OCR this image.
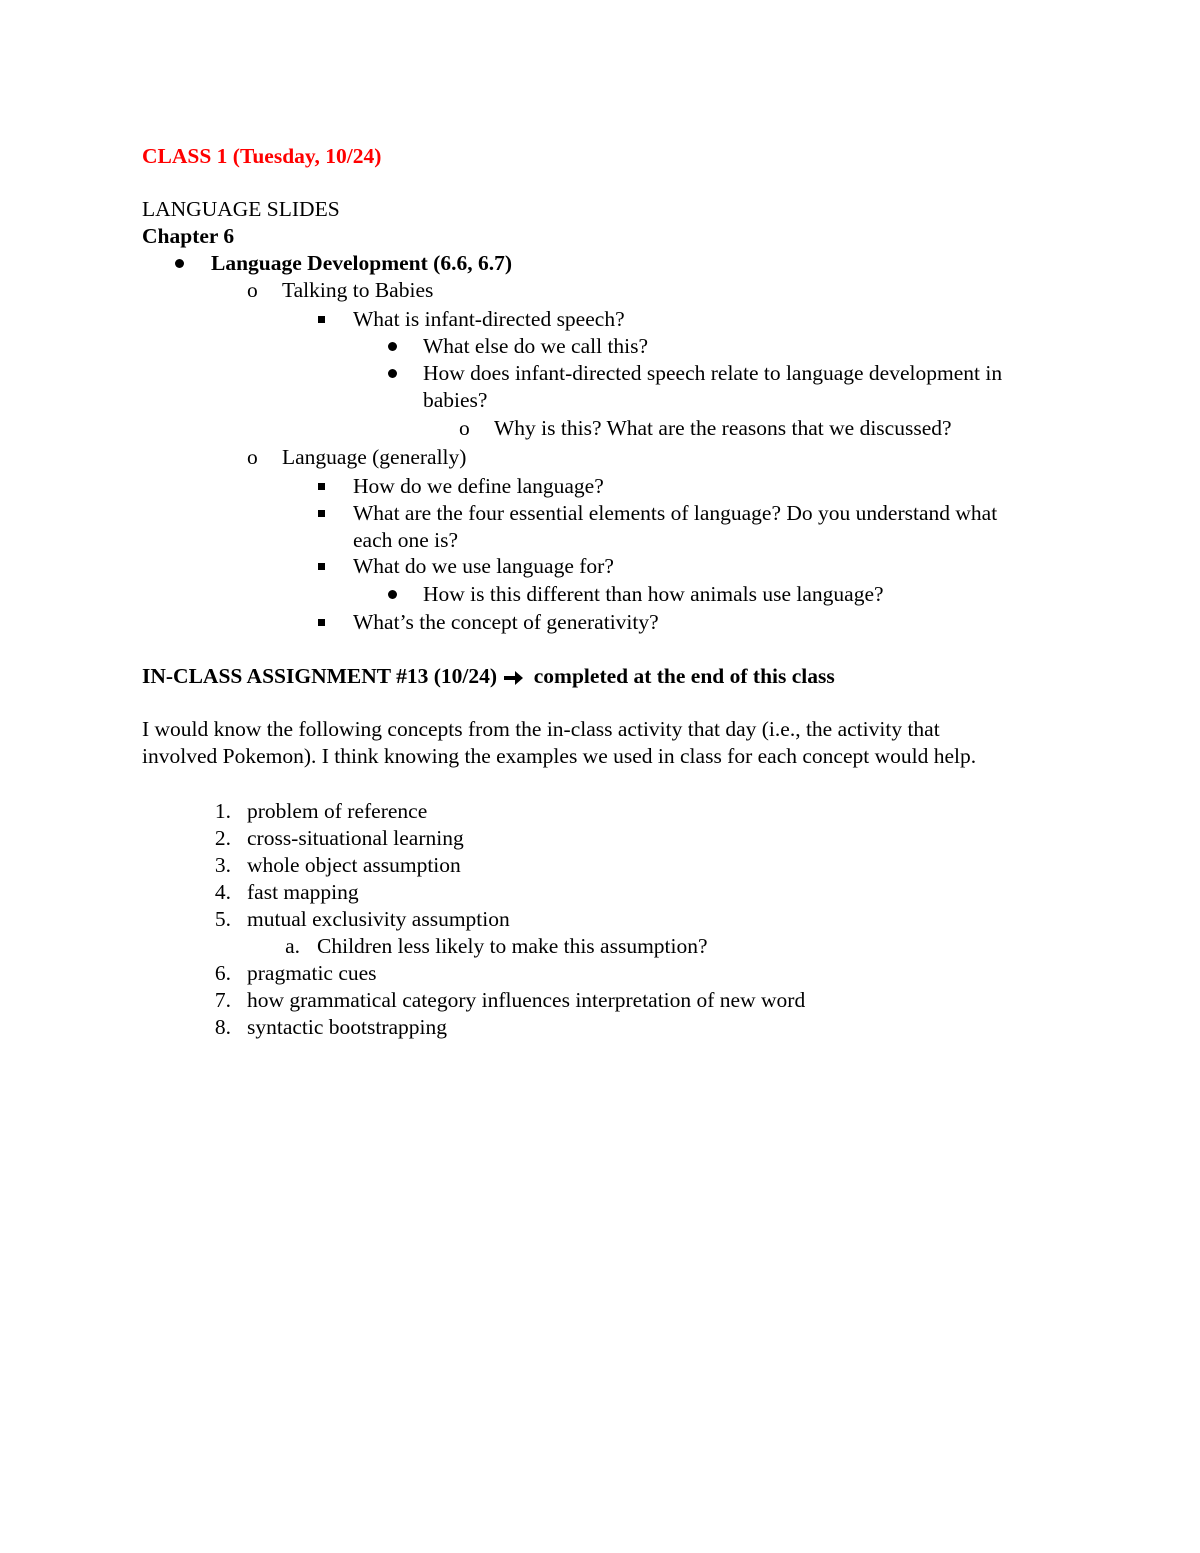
CLASS 1 (Tuesday, 10/24)
LANGUAGE SLIDES
Chapter 6
Language Development (6.6, 6.7)
o Talking to Babies
What is infant-directed speech?
What else do we call this?
How does infant-directed speech relate to language development in
babies?
o Why is this? What are the reasons that we discussed?
o Language (generally)
How do we define language?
What are the four essential elements of language? Do you understand what
each one is?
What do we use language for?
How is this different than how animals use language?
What’s the concept of generativity?
IN-CLASS ASSIGNMENT #13 (10/24) completed at the end of this class
I would know the following concepts from the in-class activity that day (i.e., the activity that
involved Pokemon). I think knowing the examples we used in class for each concept would help.
1. problem of reference
2. cross-situational learning
3. whole object assumption
4. fast mapping
5. mutual exclusivity assumption
a. Children less likely to make this assumption?
6. pragmatic cues
7. how grammatical category influences interpretation of new word
8. syntactic bootstrapping
